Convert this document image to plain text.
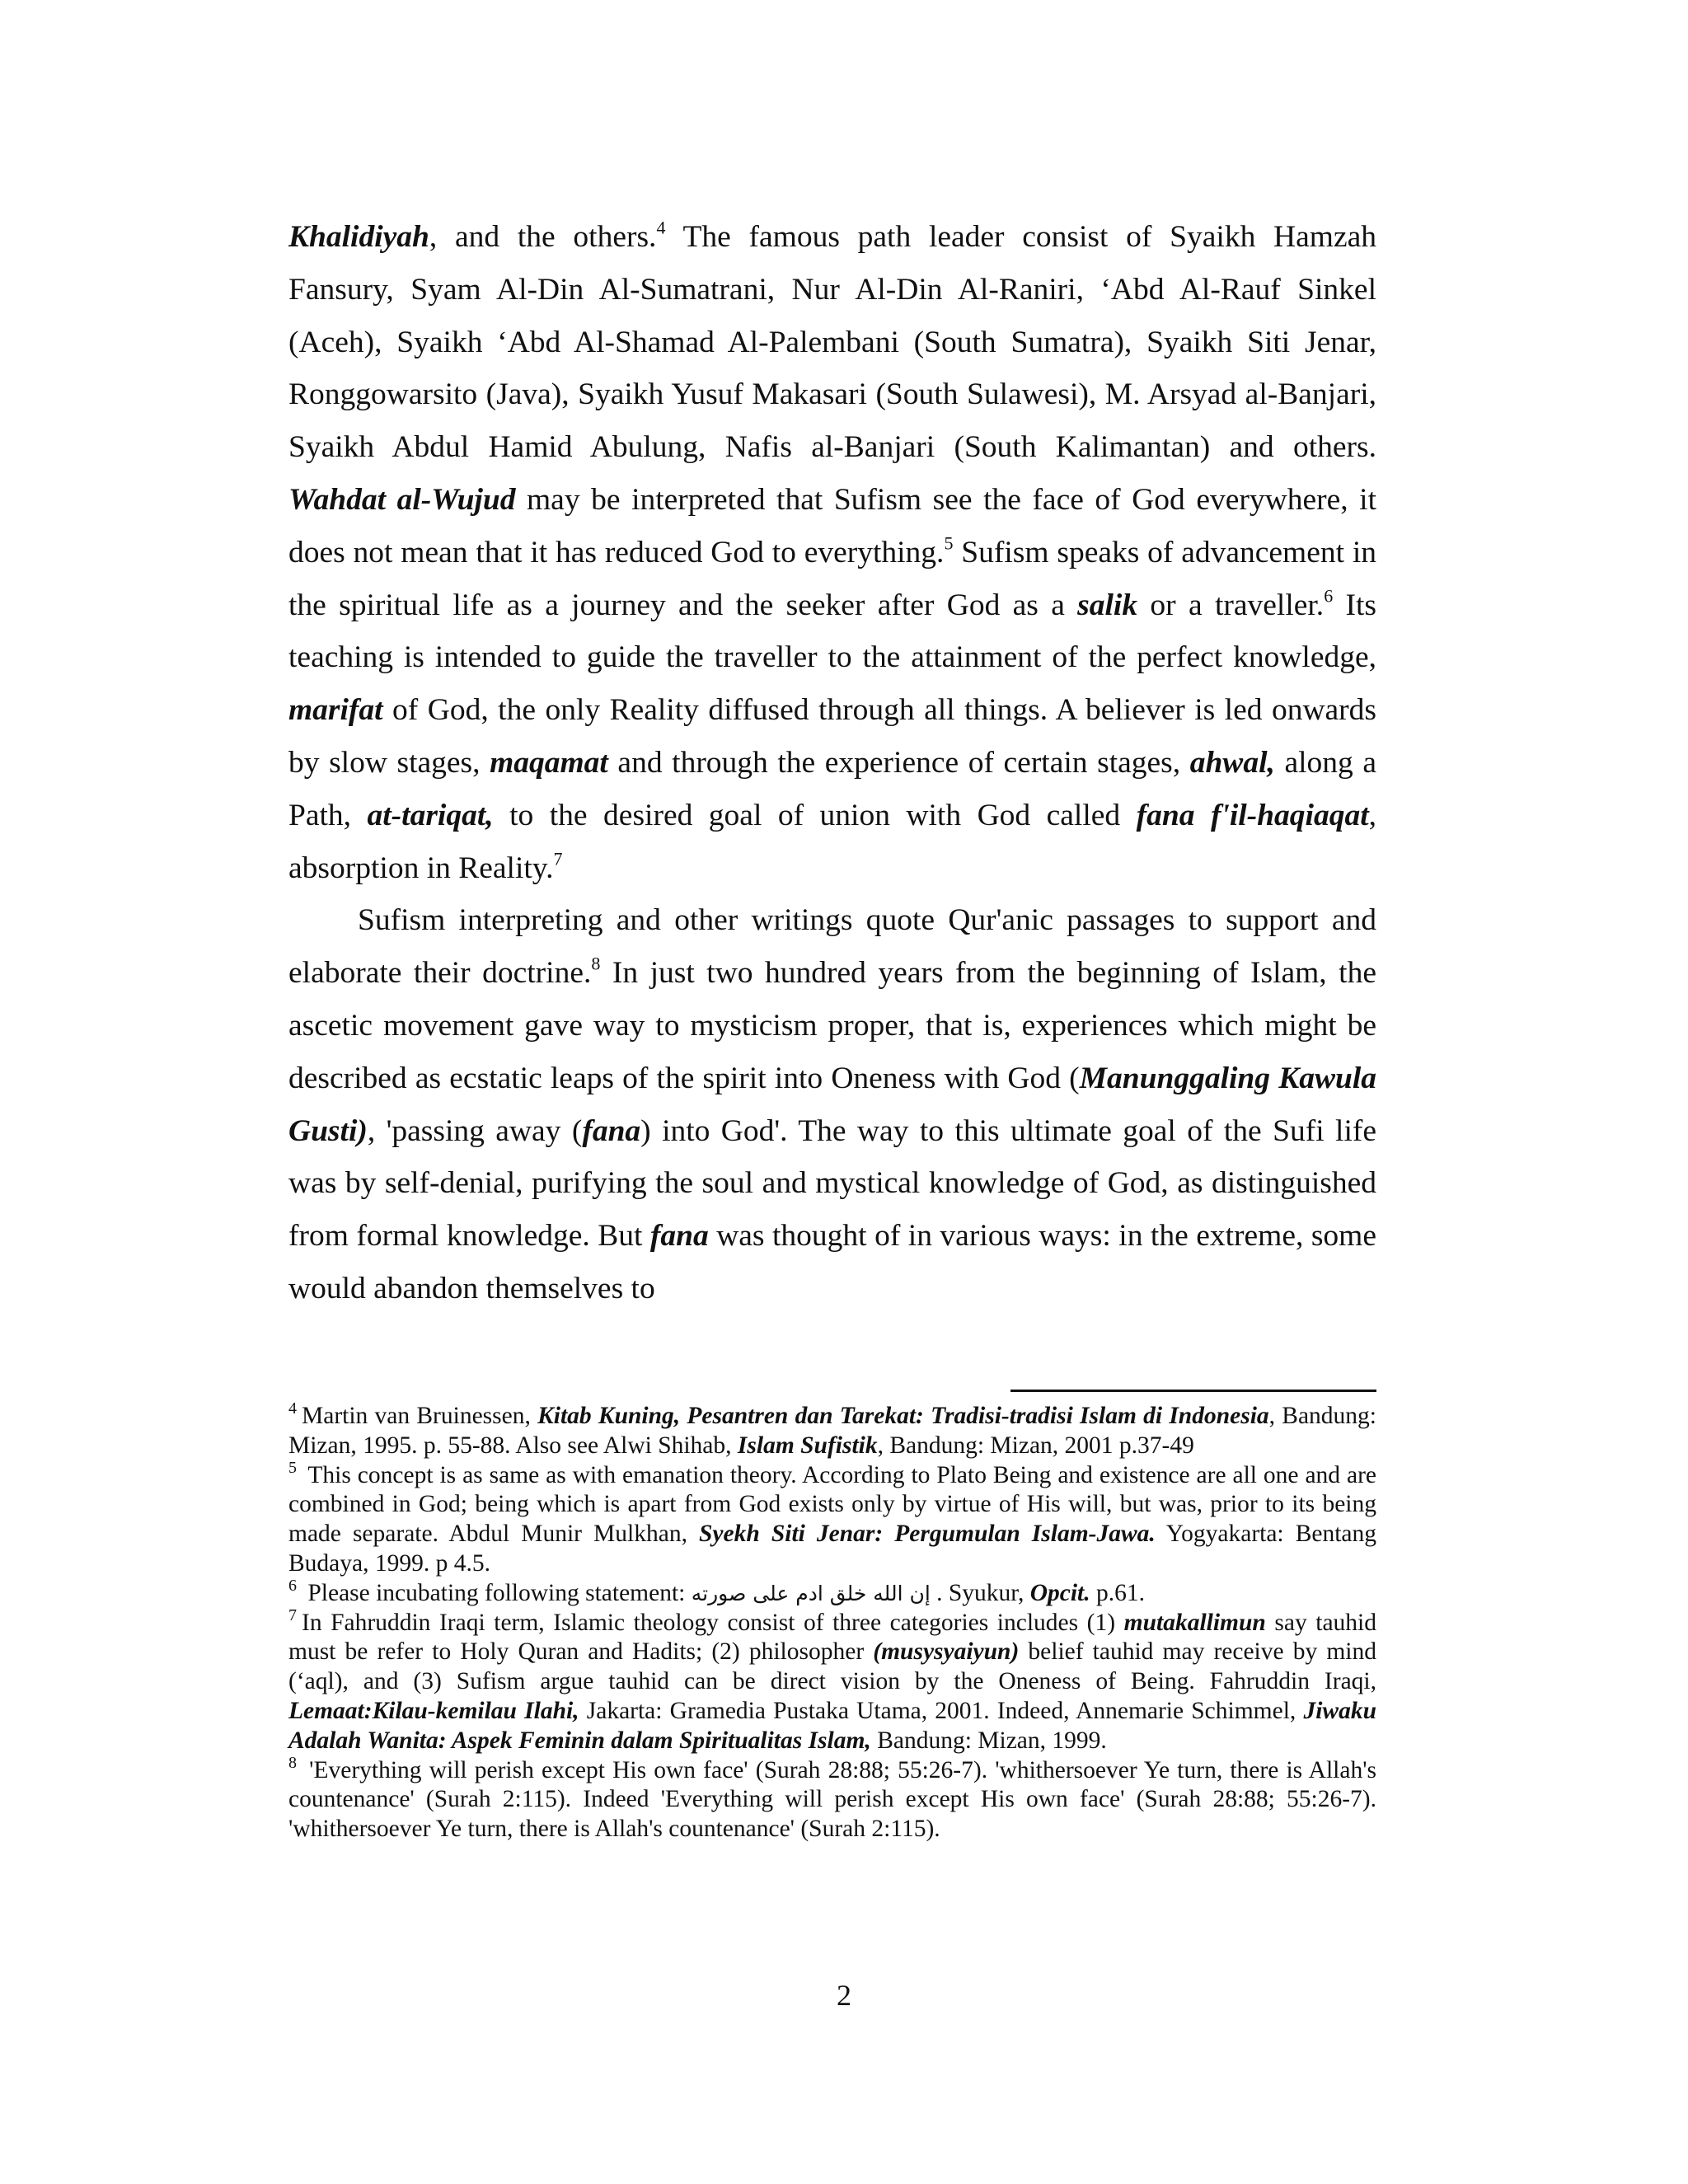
Khalidiyah, and the others.$^4$ The famous path leader consist of Syaikh Hamzah Fansury, Syam Al-Din Al-Sumatrani, Nur Al-Din Al-Raniri, ‘Abd Al-Rauf Sinkel (Aceh), Syaikh ‘Abd Al-Shamad Al-Palembani (South Sumatra), Syaikh Siti Jenar, Ronggowarsito (Java), Syaikh Yusuf Makasari (South Sulawesi), M. Arsyad al-Banjari, Syaikh Abdul Hamid Abulung, Nafis al-Banjari (South Kalimantan) and others. Wahdat al-Wujud may be interpreted that Sufism see the face of God everywhere, it does not mean that it has reduced God to everything.$^5$ Sufism speaks of advancement in the spiritual life as a journey and the seeker after God as a salik or a traveller.$^6$ Its teaching is intended to guide the traveller to the attainment of the perfect knowledge, marifat of God, the only Reality diffused through all things. A believer is led onwards by slow stages, maqamat and through the experience of certain stages, ahwal, along a Path, at-tariqat, to the desired goal of union with God called fana f'il-haqiaqat, absorption in Reality.$^7$

Sufism interpreting and other writings quote Qur'anic passages to support and elaborate their doctrine.$^8$ In just two hundred years from the beginning of Islam, the ascetic movement gave way to mysticism proper, that is, experiences which might be described as ecstatic leaps of the spirit into Oneness with God (Manunggaling Kawula Gusti), 'passing away (fana) into God'. The way to this ultimate goal of the Sufi life was by self-denial, purifying the soul and mystical knowledge of God, as distinguished from formal knowledge. But fana was thought of in various ways: in the extreme, some would abandon themselves to

$^4$ Martin van Bruinessen, Kitab Kuning, Pesantren dan Tarekat: Tradisi-tradisi Islam di Indonesia, Bandung: Mizan, 1995. p. 55-88. Also see Alwi Shihab, Islam Sufistik, Bandung: Mizan, 2001 p.37-49

$^5$ This concept is as same as with emanation theory. According to Plato Being and existence are all one and are combined in God; being which is apart from God exists only by virtue of His will, but was, prior to its being made separate. Abdul Munir Mulkhan, Syekh Siti Jenar: Pergumulan Islam-Jawa. Yogyakarta: Bentang Budaya, 1999. p 4.5.

$^6$ Please incubating following statement: إن الله خلق ادم على صورته . Syukur, Opcit. p.61.

$^7$ In Fahruddin Iraqi term, Islamic theology consist of three categories includes (1) mutakallimun say tauhid must be refer to Holy Quran and Hadits; (2) philosopher (musysyaiyun) belief tauhid may receive by mind (‘aql), and (3) Sufism argue tauhid can be direct vision by the Oneness of Being. Fahruddin Iraqi, Lemaat:Kilau-kemilau Ilahi, Jakarta: Gramedia Pustaka Utama, 2001. Indeed, Annemarie Schimmel, Jiwaku Adalah Wanita: Aspek Feminin dalam Spiritualitas Islam, Bandung: Mizan, 1999.

$^8$ 'Everything will perish except His own face' (Surah 28:88; 55:26-7). 'whithersoever Ye turn, there is Allah's countenance' (Surah 2:115). Indeed 'Everything will perish except His own face' (Surah 28:88; 55:26-7). 'whithersoever Ye turn, there is Allah's countenance' (Surah 2:115).

2
